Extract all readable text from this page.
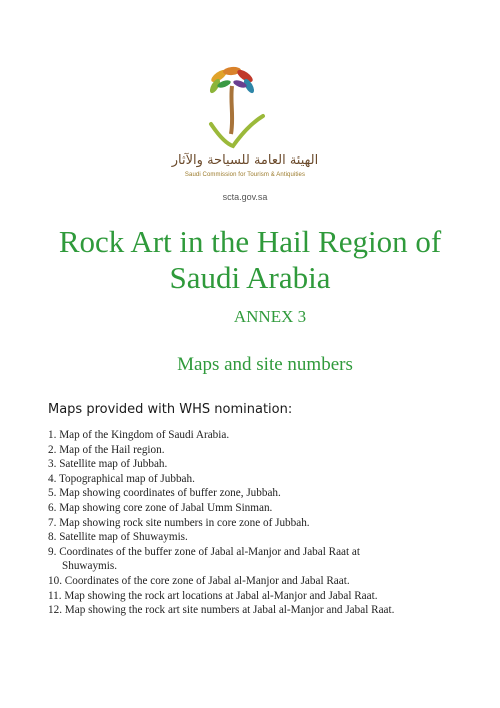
الهيئة العامة للسياحة والآثار
Saudi Commission for Tourism & Antiquities
scta.gov.sa
Rock Art in the Hail Region of
Saudi Arabia
ANNEX 3
Maps and site numbers
Maps provided with WHS nomination:
1. Map of the Kingdom of Saudi Arabia.
2. Map of the Hail region.
3. Satellite map of Jubbah.
4. Topographical map of Jubbah.
5. Map showing coordinates of buffer zone, Jubbah.
6. Map showing core zone of Jabal Umm Sinman.
7. Map showing rock site numbers in core zone of Jubbah.
8. Satellite map of Shuwaymis.
9. Coordinates of the buffer zone of Jabal al-Manjor and Jabal Raat at
Shuwaymis.
10. Coordinates of the core zone of Jabal al-Manjor and Jabal Raat.
11. Map showing the rock art locations at Jabal al-Manjor and Jabal Raat.
12. Map showing the rock art site numbers at Jabal al-Manjor and Jabal Raat.
